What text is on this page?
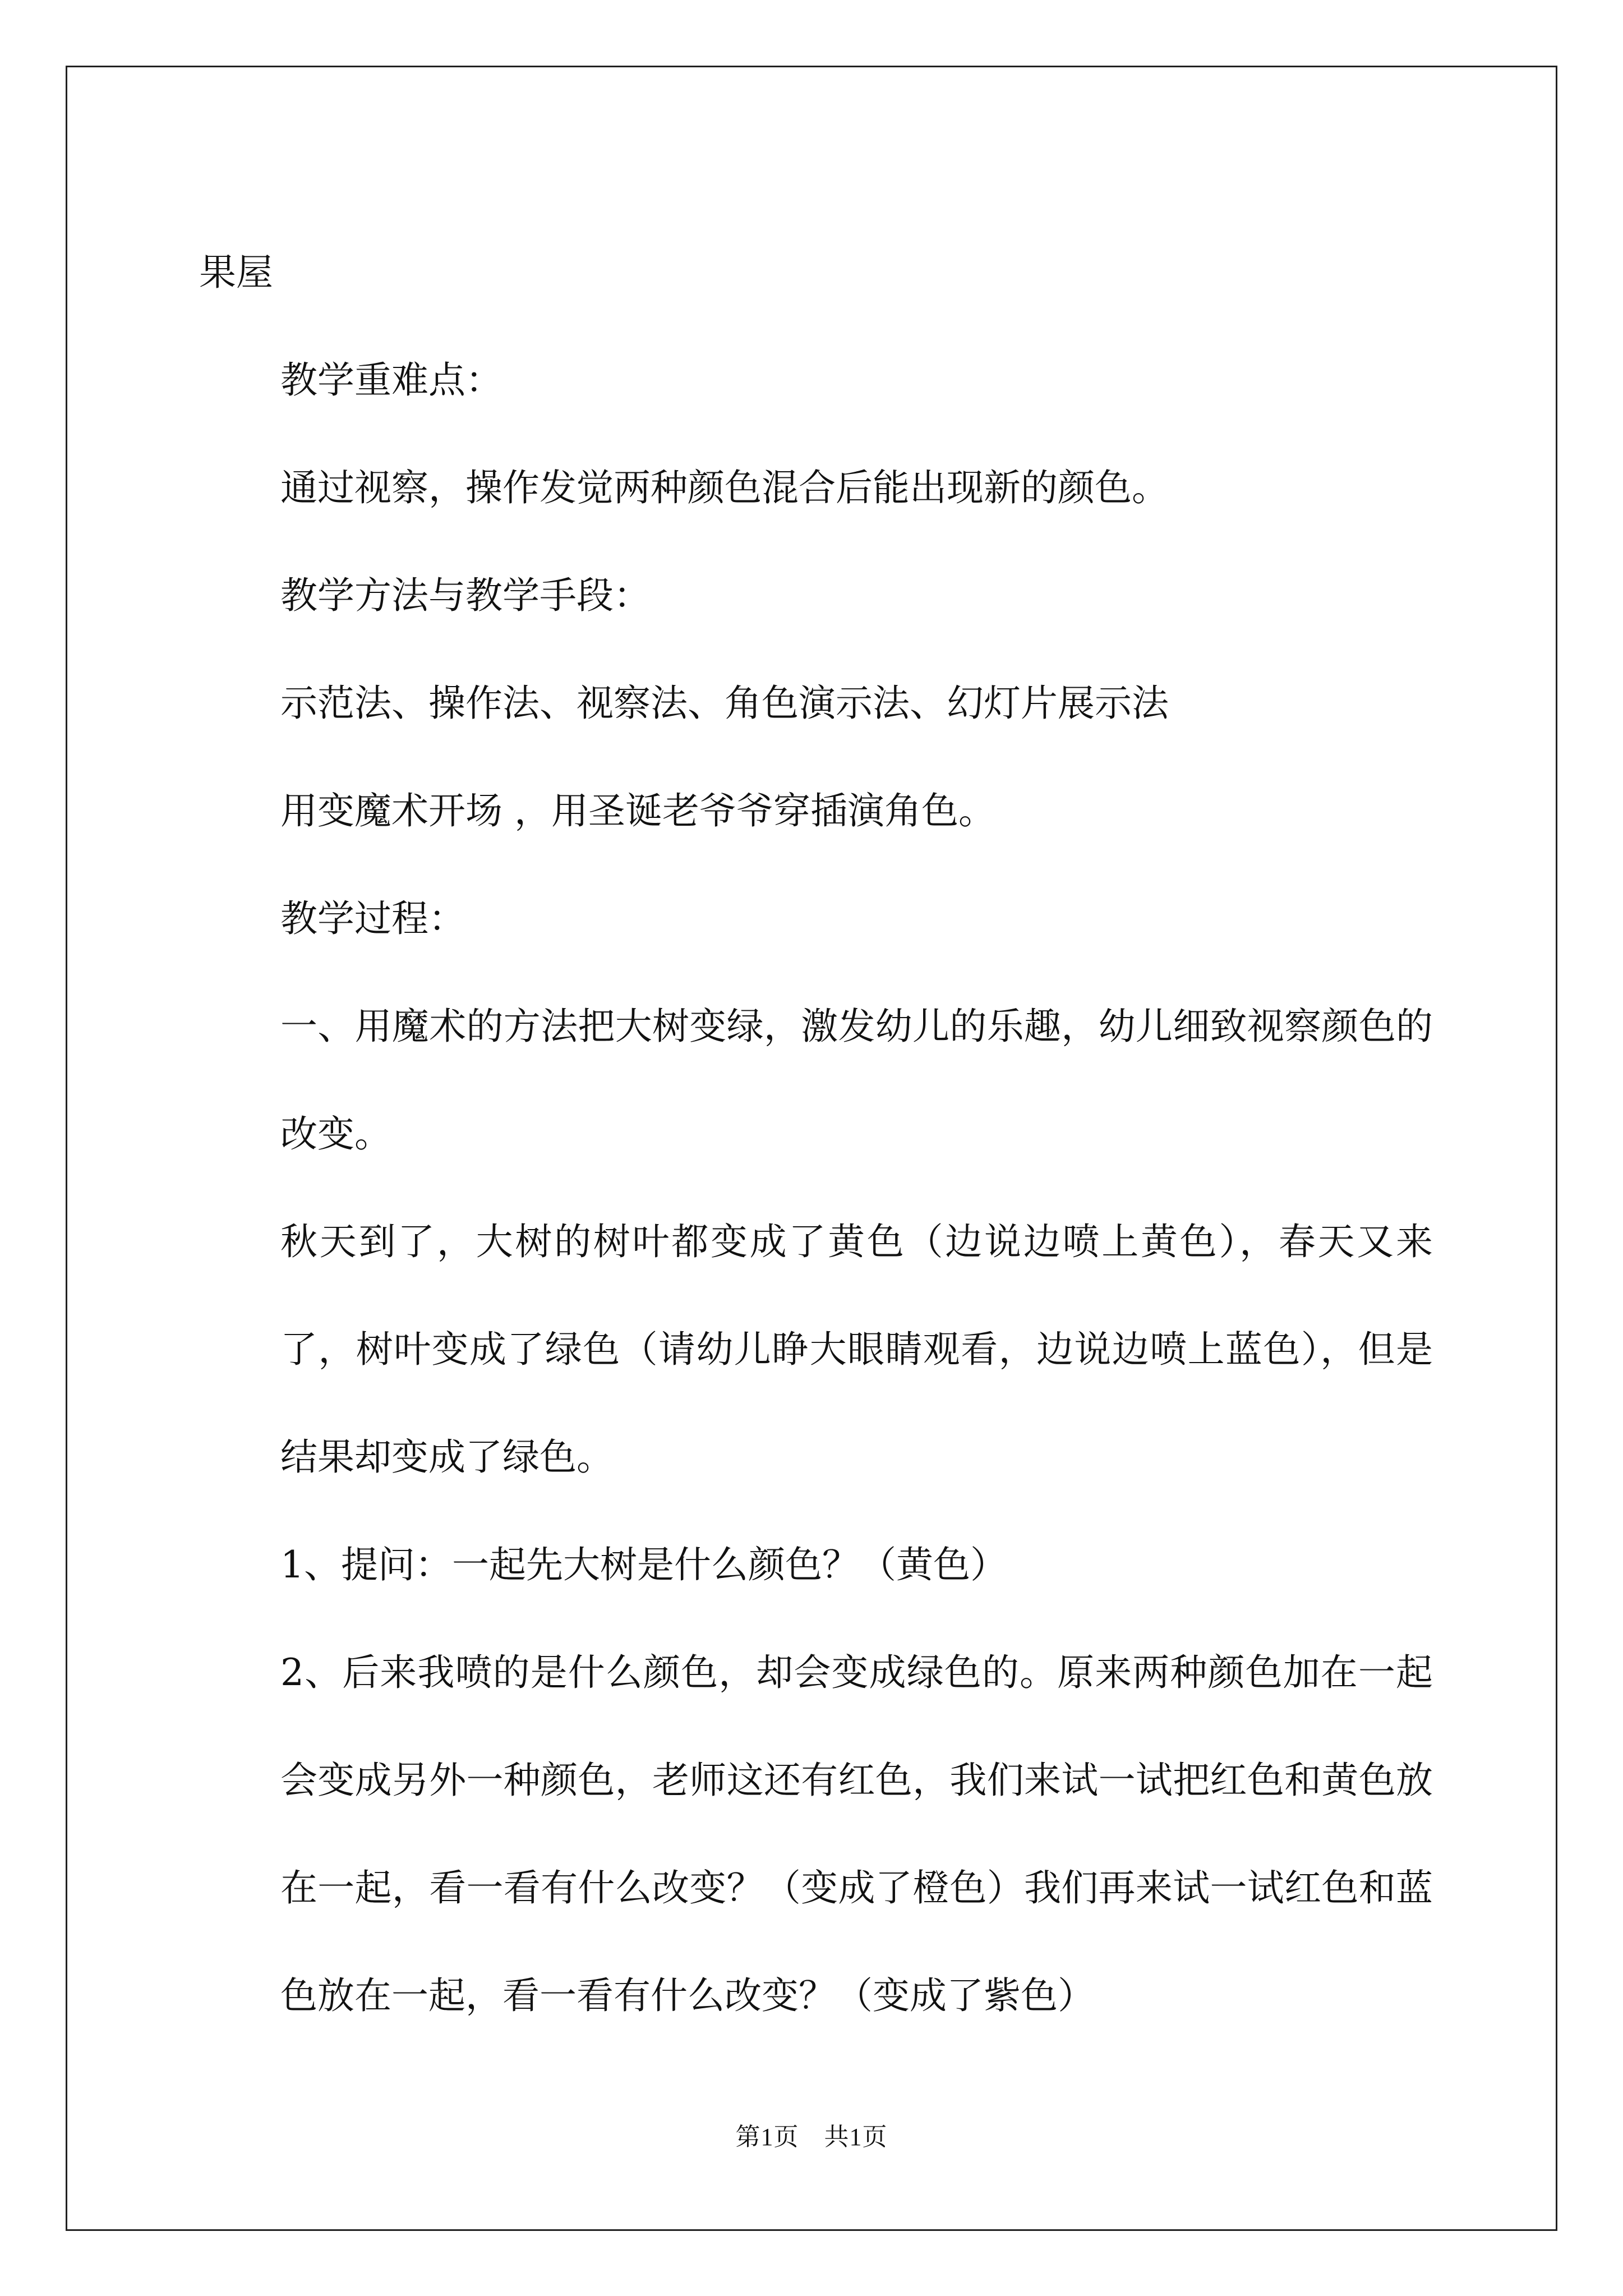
果屋

教学重难点：

通过视察，操作发觉两种颜色混合后能出现新的颜色。

教学方法与教学手段：

示范法、操作法、视察法、角色演示法、幻灯片展示法

用变魔术开场 ，用圣诞老爷爷穿插演角色。

教学过程：

一、用魔术的方法把大树变绿，激发幼儿的乐趣，幼儿细致视察颜色的改变。

秋天到了，大树的树叶都变成了黄色（边说边喷上黄色），春天又来了，树叶变成了绿色（请幼儿睁大眼睛观看，边说边喷上蓝色），但是结果却变成了绿色。

1、提问：一起先大树是什么颜色？（黄色）

2、后来我喷的是什么颜色，却会变成绿色的。原来两种颜色加在一起会变成另外一种颜色，老师这还有红色，我们来试一试把红色和黄色放在一起，看一看有什么改变？（变成了橙色）我们再来试一试红色和蓝色放在一起，看一看有什么改变？（变成了紫色）

第1页　共1页
